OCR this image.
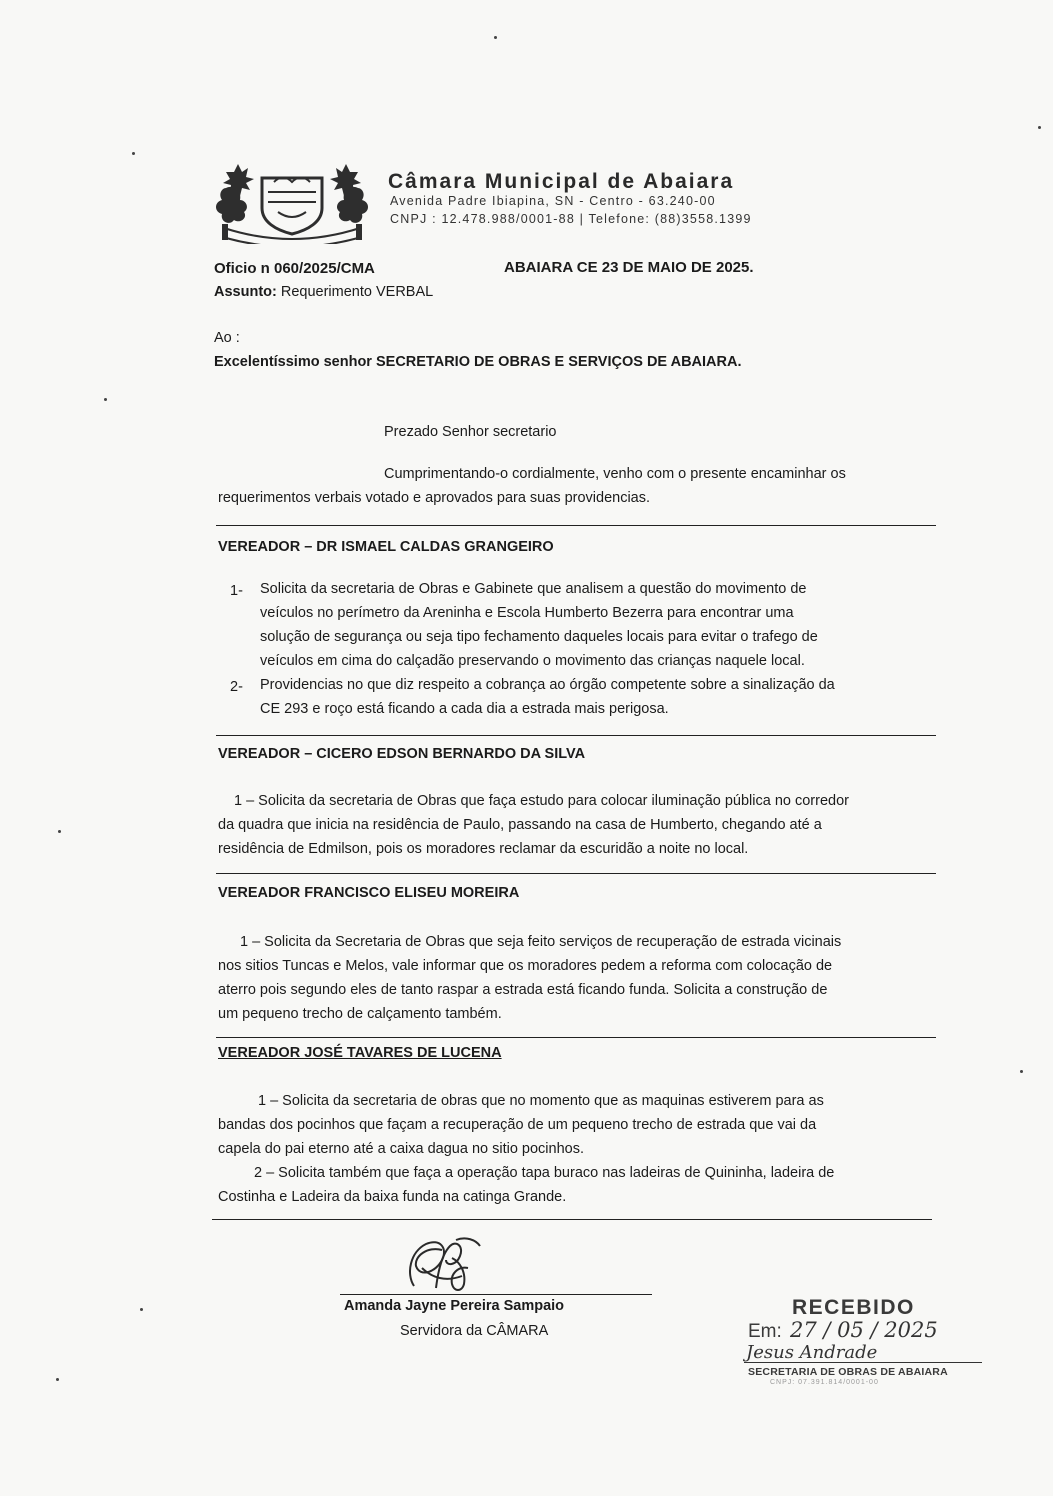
Câmara Municipal de Abaiara
Avenida Padre Ibiapina, SN - Centro - 63.240-00
CNPJ : 12.478.988/0001-88 | Telefone: (88)3558.1399
Oficio n 060/2025/CMA	ABAIARA CE 23 DE MAIO DE 2025.
Assunto: Requerimento VERBAL
Ao :
Excelentíssimo senhor SECRETARIO DE OBRAS E SERVIÇOS DE ABAIARA.
Prezado Senhor secretario
Cumprimentando-o cordialmente, venho com o presente encaminhar os
requerimentos verbais votado e aprovados para suas providencias.
VEREADOR – DR ISMAEL CALDAS GRANGEIRO
1- Solicita da secretaria de Obras e Gabinete que analisem a questão do movimento de
veículos no perímetro da Areninha e Escola Humberto Bezerra para encontrar uma
solução de segurança ou seja tipo fechamento daqueles locais para evitar o trafego de
veículos em cima do calçadão preservando o movimento das crianças naquele local.
2- Providencias no que diz respeito a cobrança ao órgão competente sobre a sinalização da
CE 293 e roço está ficando a cada dia a estrada mais perigosa.
VEREADOR – CICERO EDSON BERNARDO DA SILVA
1 – Solicita da secretaria de Obras que faça estudo para colocar iluminação pública no corredor
da quadra que inicia na residência de Paulo, passando na casa de Humberto, chegando até a
residência de Edmilson, pois os moradores reclamar da escuridão a noite no local.
VEREADOR FRANCISCO ELISEU MOREIRA
1 – Solicita da Secretaria de Obras que seja feito serviços de recuperação de estrada vicinais
nos sitios Tuncas e Melos, vale informar que os moradores pedem a reforma com colocação de
aterro pois segundo eles de tanto raspar a estrada está ficando funda. Solicita a construção de
um pequeno trecho de calçamento também.
VEREADOR JOSÉ TAVARES DE LUCENA
1 – Solicita da secretaria de obras que no momento que as maquinas estiverem para as
bandas dos pocinhos que façam a recuperação de um pequeno trecho de estrada que vai da
capela do pai eterno até a caixa dagua no sitio pocinhos.
2 – Solicita também que faça a operação tapa buraco nas ladeiras de Quininha, ladeira de
Costinha e Ladeira da baixa funda na catinga Grande.
Amanda Jayne Pereira Sampaio
Servidora da CÂMARA
RECEBIDO
Em: 27 / 05 / 2025
Jesus Andrade
SECRETARIA DE OBRAS DE ABAIARA
CNPJ: 07.391.814/0001-00
